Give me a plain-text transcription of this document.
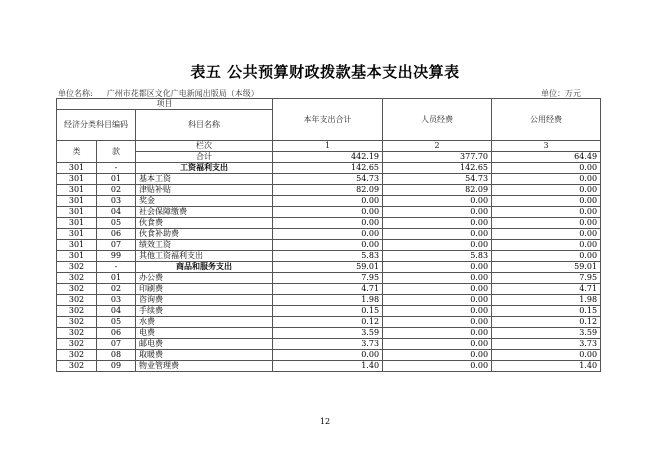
表五 公共预算财政拨款基本支出决算表
单位名称: 广州市花都区文化广电新闻出版局（本级）	单位：万元
项目			本年支出合计	人员经费	公用经费
经济分类科目编码		科目名称			

类	款	栏次	1	2	3
		合计	442.19	377.70	64.49
301	-	工资福利支出	142.65	142.65	0.00
301	01	基本工资	54.73	54.73	0.00
301	02	津贴补贴	82.09	82.09	0.00
301	03	奖金	0.00	0.00	0.00
301	04	社会保障缴费	0.00	0.00	0.00
301	05	伙食费	0.00	0.00	0.00
301	06	伙食补助费	0.00	0.00	0.00
301	07	绩效工资	0.00	0.00	0.00
301	99	其他工资福利支出	5.83	5.83	0.00
302	-	商品和服务支出	59.01	0.00	59.01
302	01	办公费	7.95	0.00	7.95
302	02	印刷费	4.71	0.00	4.71
302	03	咨询费	1.98	0.00	1.98
302	04	手续费	0.15	0.00	0.15
302	05	水费	0.12	0.00	0.12
302	06	电费	3.59	0.00	3.59
302	07	邮电费	3.73	0.00	3.73
302	08	取暖费	0.00	0.00	0.00
302	09	物业管理费	1.40	0.00	1.40
12
